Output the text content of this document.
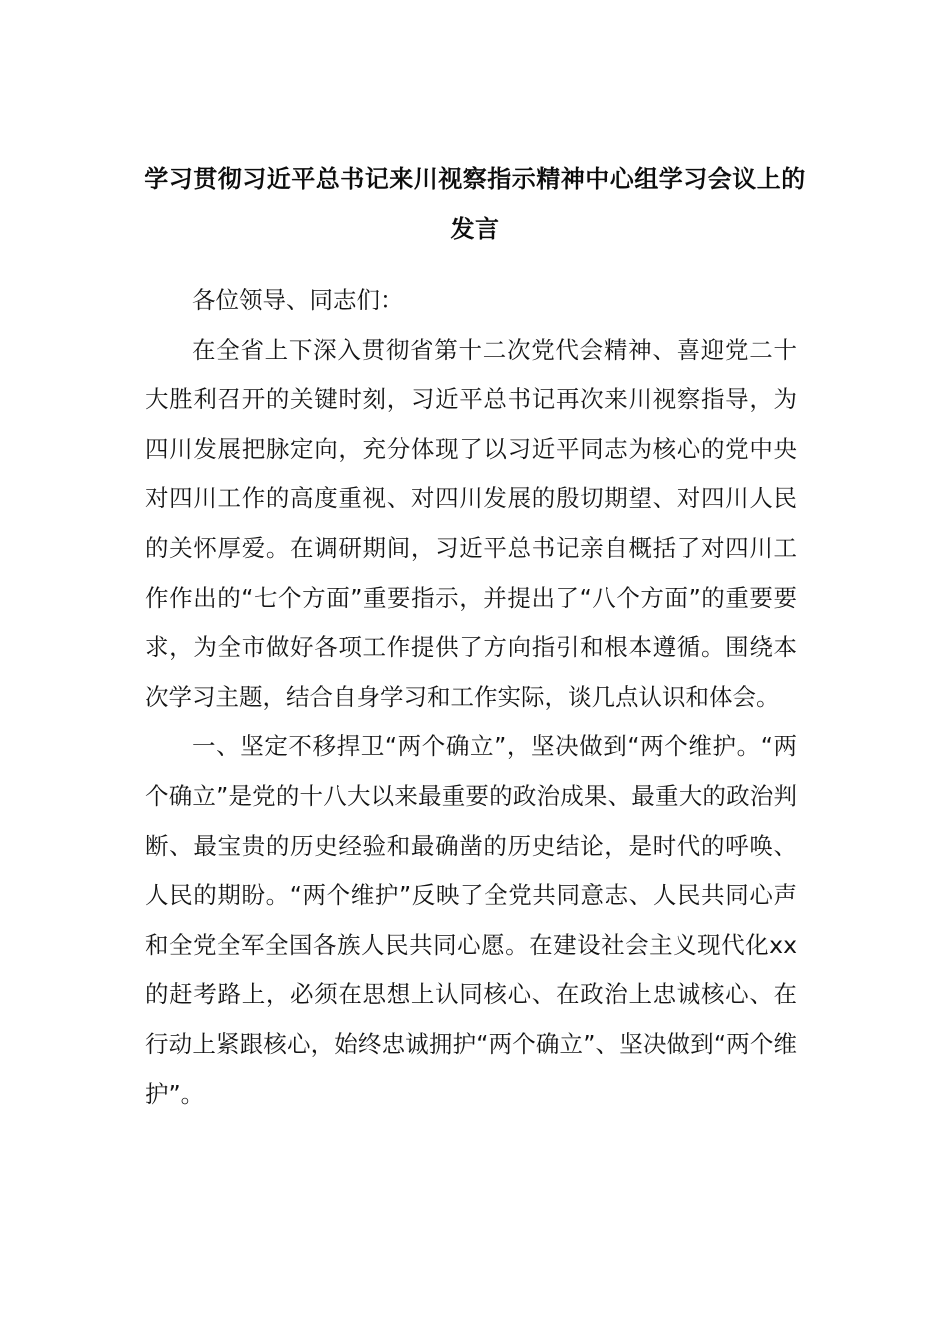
学习贯彻习近平总书记来川视察指示精神中心组学习会议上的发言

各位领导、同志们：

在全省上下深入贯彻省第十二次党代会精神、喜迎党二十大胜利召开的关键时刻，习近平总书记再次来川视察指导，为四川发展把脉定向，充分体现了以习近平同志为核心的党中央对四川工作的高度重视、对四川发展的殷切期望、对四川人民的关怀厚爱。在调研期间，习近平总书记亲自概括了对四川工作作出的“七个方面”重要指示，并提出了“八个方面”的重要要求，为全市做好各项工作提供了方向指引和根本遵循。围绕本次学习主题，结合自身学习和工作实际，谈几点认识和体会。

一、坚定不移捍卫“两个确立”，坚决做到“两个维护。“两个确立”是党的十八大以来最重要的政治成果、最重大的政治判断、最宝贵的历史经验和最确凿的历史结论，是时代的呼唤、人民的期盼。“两个维护”反映了全党共同意志、人民共同心声和全党全军全国各族人民共同心愿。在建设社会主义现代化xx的赶考路上，必须在思想上认同核心、在政治上忠诚核心、在行动上紧跟核心，始终忠诚拥护“两个确立”、坚决做到“两个维护”。
